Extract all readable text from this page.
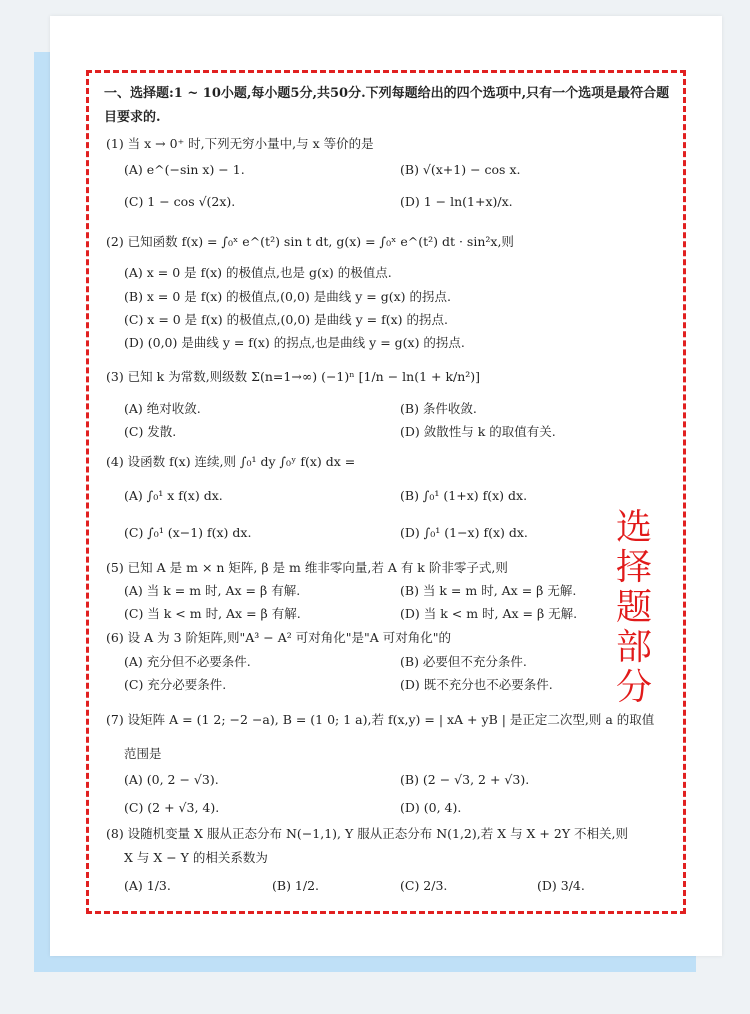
一、选择题:1 ~ 10小题,每小题5分,共50分.下列每题给出的四个选项中,只有一个选项是最符合题目要求的.
(1) 当 x → 0⁺ 时,下列无穷小量中,与 x 等价的是
(A) e^(−sin x) − 1.	(B) √(x+1) − cos x.
(C) 1 − cos √(2x).	(D) 1 − ln(1+x)/x.
(2) 已知函数 f(x) = ∫₀ˣ e^(t²) sin t dt, g(x) = ∫₀ˣ e^(t²) dt · sin²x,则
(A) x = 0 是 f(x) 的极值点,也是 g(x) 的极值点.
(B) x = 0 是 f(x) 的极值点,(0,0) 是曲线 y = g(x) 的拐点.
(C) x = 0 是 f(x) 的极值点,(0,0) 是曲线 y = f(x) 的拐点.
(D) (0,0) 是曲线 y = f(x) 的拐点,也是曲线 y = g(x) 的拐点.
(3) 已知 k 为常数,则级数 Σ(n=1→∞) (−1)ⁿ [1/n − ln(1 + k/n²)]
(A) 绝对收敛.	(B) 条件收敛.
(C) 发散.	(D) 敛散性与 k 的取值有关.
(4) 设函数 f(x) 连续,则 ∫₀¹ dy ∫₀ʸ f(x) dx =
(A) ∫₀¹ x f(x) dx.	(B) ∫₀¹ (1+x) f(x) dx.
(C) ∫₀¹ (x−1) f(x) dx.	(D) ∫₀¹ (1−x) f(x) dx.
(5) 已知 A 是 m × n 矩阵, β 是 m 维非零向量,若 A 有 k 阶非零子式,则
(A) 当 k = m 时, Ax = β 有解.	(B) 当 k = m 时, Ax = β 无解.
(C) 当 k < m 时, Ax = β 有解.	(D) 当 k < m 时, Ax = β 无解.
(6) 设 A 为 3 阶矩阵,则"A³ − A² 可对角化"是"A 可对角化"的
(A) 充分但不必要条件.	(B) 必要但不充分条件.
(C) 充分必要条件.	(D) 既不充分也不必要条件.
(7) 设矩阵 A = (1 2; −2 −a), B = (1 0; 1 a),若 f(x,y) = | xA + yB | 是正定二次型,则 a 的取值
范围是
(A) (0, 2 − √3).	(B) (2 − √3, 2 + √3).
(C) (2 + √3, 4).	(D) (0, 4).
(8) 设随机变量 X 服从正态分布 N(−1,1), Y 服从正态分布 N(1,2),若 X 与 X + 2Y 不相关,则
X 与 X − Y 的相关系数为
(A) 1/3.	(B) 1/2.	(C) 2/3.	(D) 3/4.
选
择
题
部
分
